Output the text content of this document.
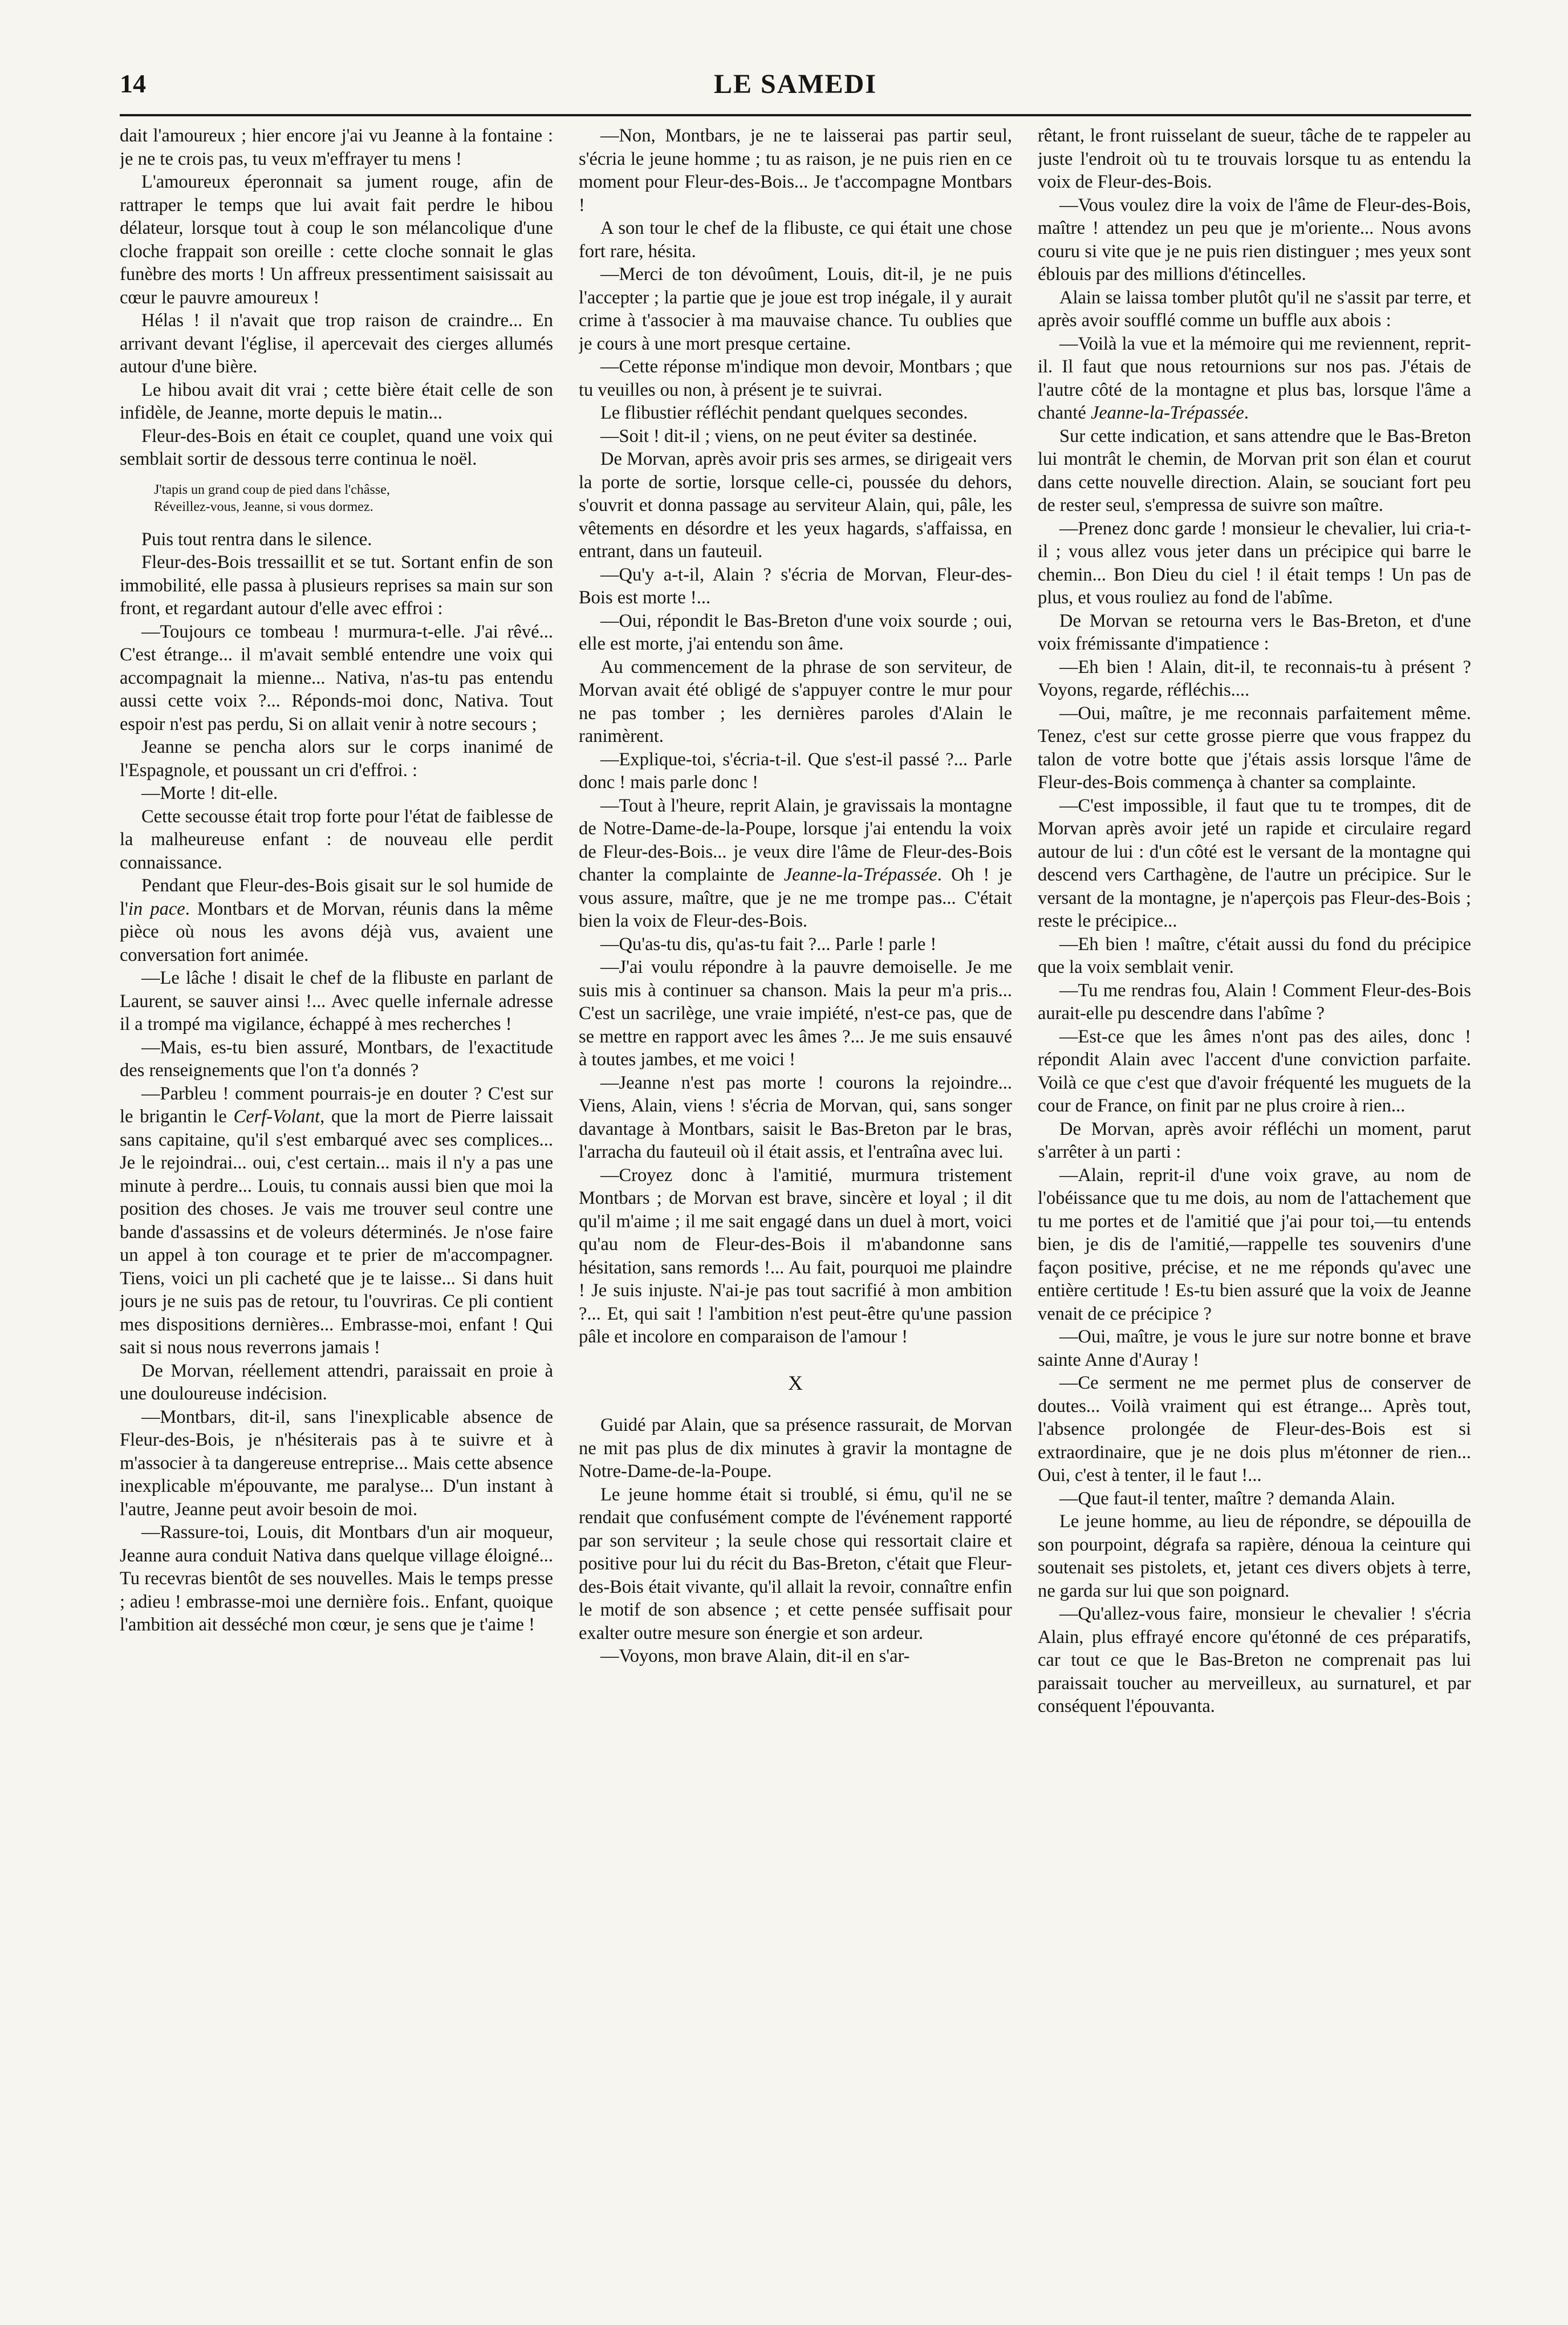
14	LE SAMEDI

dait l'amoureux ; hier encore j'ai vu Jeanne à la fontaine : je ne te crois pas, tu veux m'effrayer tu mens !

L'amoureux éperonnait sa jument rouge, afin de rattraper le temps que lui avait fait perdre le hibou délateur, lorsque tout à coup le son mélancolique d'une cloche frappait son oreille : cette cloche sonnait le glas funèbre des morts ! Un affreux pressentiment saisissait au cœur le pauvre amoureux !

Hélas ! il n'avait que trop raison de craindre... En arrivant devant l'église, il apercevait des cierges allumés autour d'une bière.

Le hibou avait dit vrai ; cette bière était celle de son infidèle, de Jeanne, morte depuis le matin...

Fleur-des-Bois en était ce couplet, quand une voix qui semblait sortir de dessous terre continua le noël.

J'tapis un grand coup de pied dans l'châsse,
Réveillez-vous, Jeanne, si vous dormez.

Puis tout rentra dans le silence.

Fleur-des-Bois tressaillit et se tut. Sortant enfin de son immobilité, elle passa à plusieurs reprises sa main sur son front, et regardant autour d'elle avec effroi :

—Toujours ce tombeau ! murmura-t-elle. J'ai rêvé... C'est étrange... il m'avait semblé entendre une voix qui accompagnait la mienne... Nativa, n'as-tu pas entendu aussi cette voix ?... Réponds-moi donc, Nativa. Tout espoir n'est pas perdu, Si on allait venir à notre secours ;

Jeanne se pencha alors sur le corps inanimé de l'Espagnole, et poussant un cri d'effroi. :

—Morte ! dit-elle.

Cette secousse était trop forte pour l'état de faiblesse de la malheureuse enfant : de nouveau elle perdit connaissance.

Pendant que Fleur-des-Bois gisait sur le sol humide de l'in pace. Montbars et de Morvan, réunis dans la même pièce où nous les avons déjà vus, avaient une conversation fort animée.

—Le lâche ! disait le chef de la flibuste en parlant de Laurent, se sauver ainsi !... Avec quelle infernale adresse il a trompé ma vigilance, échappé à mes recherches !

—Mais, es-tu bien assuré, Montbars, de l'exactitude des renseignements que l'on t'a donnés ?

—Parbleu ! comment pourrais-je en douter ? C'est sur le brigantin le Cerf-Volant, que la mort de Pierre laissait sans capitaine, qu'il s'est embarqué avec ses complices... Je le rejoindrai... oui, c'est certain... mais il n'y a pas une minute à perdre... Louis, tu connais aussi bien que moi la position des choses. Je vais me trouver seul contre une bande d'assassins et de voleurs déterminés. Je n'ose faire un appel à ton courage et te prier de m'accompagner. Tiens, voici un pli cacheté que je te laisse... Si dans huit jours je ne suis pas de retour, tu l'ouvriras. Ce pli contient mes dispositions dernières... Embrasse-moi, enfant ! Qui sait si nous nous reverrons jamais !

De Morvan, réellement attendri, paraissait en proie à une douloureuse indécision.

—Montbars, dit-il, sans l'inexplicable absence de Fleur-des-Bois, je n'hésiterais pas à te suivre et à m'associer à ta dangereuse entreprise... Mais cette absence inexplicable m'épouvante, me paralyse... D'un instant à l'autre, Jeanne peut avoir besoin de moi.

—Rassure-toi, Louis, dit Montbars d'un air moqueur, Jeanne aura conduit Nativa dans quelque village éloigné... Tu recevras bientôt de ses nouvelles. Mais le temps presse ; adieu ! embrasse-moi une dernière fois.. Enfant, quoique l'ambition ait desséché mon cœur, je sens que je t'aime !

—Non, Montbars, je ne te laisserai pas partir seul, s'écria le jeune homme ; tu as raison, je ne puis rien en ce moment pour Fleur-des-Bois... Je t'accompagne Montbars !

A son tour le chef de la flibuste, ce qui était une chose fort rare, hésita.

—Merci de ton dévoûment, Louis, dit-il, je ne puis l'accepter ; la partie que je joue est trop inégale, il y aurait crime à t'associer à ma mauvaise chance. Tu oublies que je cours à une mort presque certaine.

—Cette réponse m'indique mon devoir, Montbars ; que tu veuilles ou non, à présent je te suivrai.

Le flibustier réfléchit pendant quelques secondes.

—Soit ! dit-il ; viens, on ne peut éviter sa destinée.

De Morvan, après avoir pris ses armes, se dirigeait vers la porte de sortie, lorsque celle-ci, poussée du dehors, s'ouvrit et donna passage au serviteur Alain, qui, pâle, les vêtements en désordre et les yeux hagards, s'affaissa, en entrant, dans un fauteuil.

—Qu'y a-t-il, Alain ? s'écria de Morvan, Fleur-des-Bois est morte !...

—Oui, répondit le Bas-Breton d'une voix sourde ; oui, elle est morte, j'ai entendu son âme.

Au commencement de la phrase de son serviteur, de Morvan avait été obligé de s'appuyer contre le mur pour ne pas tomber ; les dernières paroles d'Alain le ranimèrent.

—Explique-toi, s'écria-t-il. Que s'est-il passé ?... Parle donc ! mais parle donc !

—Tout à l'heure, reprit Alain, je gravissais la montagne de Notre-Dame-de-la-Poupe, lorsque j'ai entendu la voix de Fleur-des-Bois... je veux dire l'âme de Fleur-des-Bois chanter la complainte de Jeanne-la-Trépassée. Oh ! je vous assure, maître, que je ne me trompe pas... C'était bien la voix de Fleur-des-Bois.

—Qu'as-tu dis, qu'as-tu fait ?... Parle ! parle !

—J'ai voulu répondre à la pauvre demoiselle. Je me suis mis à continuer sa chanson. Mais la peur m'a pris... C'est un sacrilège, une vraie impiété, n'est-ce pas, que de se mettre en rapport avec les âmes ?... Je me suis ensauvé à toutes jambes, et me voici !

—Jeanne n'est pas morte ! courons la rejoindre... Viens, Alain, viens ! s'écria de Morvan, qui, sans songer davantage à Montbars, saisit le Bas-Breton par le bras, l'arracha du fauteuil où il était assis, et l'entraîna avec lui.

—Croyez donc à l'amitié, murmura tristement Montbars ; de Morvan est brave, sincère et loyal ; il dit qu'il m'aime ; il me sait engagé dans un duel à mort, voici qu'au nom de Fleur-des-Bois il m'abandonne sans hésitation, sans remords !... Au fait, pourquoi me plaindre ! Je suis injuste. N'ai-je pas tout sacrifié à mon ambition ?... Et, qui sait ! l'ambition n'est peut-être qu'une passion pâle et incolore en comparaison de l'amour !

X

Guidé par Alain, que sa présence rassurait, de Morvan ne mit pas plus de dix minutes à gravir la montagne de Notre-Dame-de-la-Poupe.

Le jeune homme était si troublé, si ému, qu'il ne se rendait que confusément compte de l'événement rapporté par son serviteur ; la seule chose qui ressortait claire et positive pour lui du récit du Bas-Breton, c'était que Fleur-des-Bois était vivante, qu'il allait la revoir, connaître enfin le motif de son absence ; et cette pensée suffisait pour exalter outre mesure son énergie et son ardeur.

—Voyons, mon brave Alain, dit-il en s'ar-

rêtant, le front ruisselant de sueur, tâche de te rappeler au juste l'endroit où tu te trouvais lorsque tu as entendu la voix de Fleur-des-Bois.

—Vous voulez dire la voix de l'âme de Fleur-des-Bois, maître ! attendez un peu que je m'oriente... Nous avons couru si vite que je ne puis rien distinguer ; mes yeux sont éblouis par des millions d'étincelles.

Alain se laissa tomber plutôt qu'il ne s'assit par terre, et après avoir soufflé comme un buffle aux abois :

—Voilà la vue et la mémoire qui me reviennent, reprit-il. Il faut que nous retournions sur nos pas. J'étais de l'autre côté de la montagne et plus bas, lorsque l'âme a chanté Jeanne-la-Trépassée.

Sur cette indication, et sans attendre que le Bas-Breton lui montrât le chemin, de Morvan prit son élan et courut dans cette nouvelle direction. Alain, se souciant fort peu de rester seul, s'empressa de suivre son maître.

—Prenez donc garde ! monsieur le chevalier, lui cria-t-il ; vous allez vous jeter dans un précipice qui barre le chemin... Bon Dieu du ciel ! il était temps ! Un pas de plus, et vous rouliez au fond de l'abîme.

De Morvan se retourna vers le Bas-Breton, et d'une voix frémissante d'impatience :

—Eh bien ! Alain, dit-il, te reconnais-tu à présent ? Voyons, regarde, réfléchis....

—Oui, maître, je me reconnais parfaitement même. Tenez, c'est sur cette grosse pierre que vous frappez du talon de votre botte que j'étais assis lorsque l'âme de Fleur-des-Bois commença à chanter sa complainte.

—C'est impossible, il faut que tu te trompes, dit de Morvan après avoir jeté un rapide et circulaire regard autour de lui : d'un côté est le versant de la montagne qui descend vers Carthagène, de l'autre un précipice. Sur le versant de la montagne, je n'aperçois pas Fleur-des-Bois ; reste le précipice...

—Eh bien ! maître, c'était aussi du fond du précipice que la voix semblait venir.

—Tu me rendras fou, Alain ! Comment Fleur-des-Bois aurait-elle pu descendre dans l'abîme ?

—Est-ce que les âmes n'ont pas des ailes, donc ! répondit Alain avec l'accent d'une conviction parfaite. Voilà ce que c'est que d'avoir fréquenté les muguets de la cour de France, on finit par ne plus croire à rien...

De Morvan, après avoir réfléchi un moment, parut s'arrêter à un parti :

—Alain, reprit-il d'une voix grave, au nom de l'obéissance que tu me dois, au nom de l'attachement que tu me portes et de l'amitié que j'ai pour toi,—tu entends bien, je dis de l'amitié,—rappelle tes souvenirs d'une façon positive, précise, et ne me réponds qu'avec une entière certitude ! Es-tu bien assuré que la voix de Jeanne venait de ce précipice ?

—Oui, maître, je vous le jure sur notre bonne et brave sainte Anne d'Auray !

—Ce serment ne me permet plus de conserver de doutes... Voilà vraiment qui est étrange... Après tout, l'absence prolongée de Fleur-des-Bois est si extraordinaire, que je ne dois plus m'étonner de rien... Oui, c'est à tenter, il le faut !...

—Que faut-il tenter, maître ? demanda Alain.

Le jeune homme, au lieu de répondre, se dépouilla de son pourpoint, dégrafa sa rapière, dénoua la ceinture qui soutenait ses pistolets, et, jetant ces divers objets à terre, ne garda sur lui que son poignard.

—Qu'allez-vous faire, monsieur le chevalier ! s'écria Alain, plus effrayé encore qu'étonné de ces préparatifs, car tout ce que le Bas-Breton ne comprenait pas lui paraissait toucher au merveilleux, au surnaturel, et par conséquent l'épouvanta.
